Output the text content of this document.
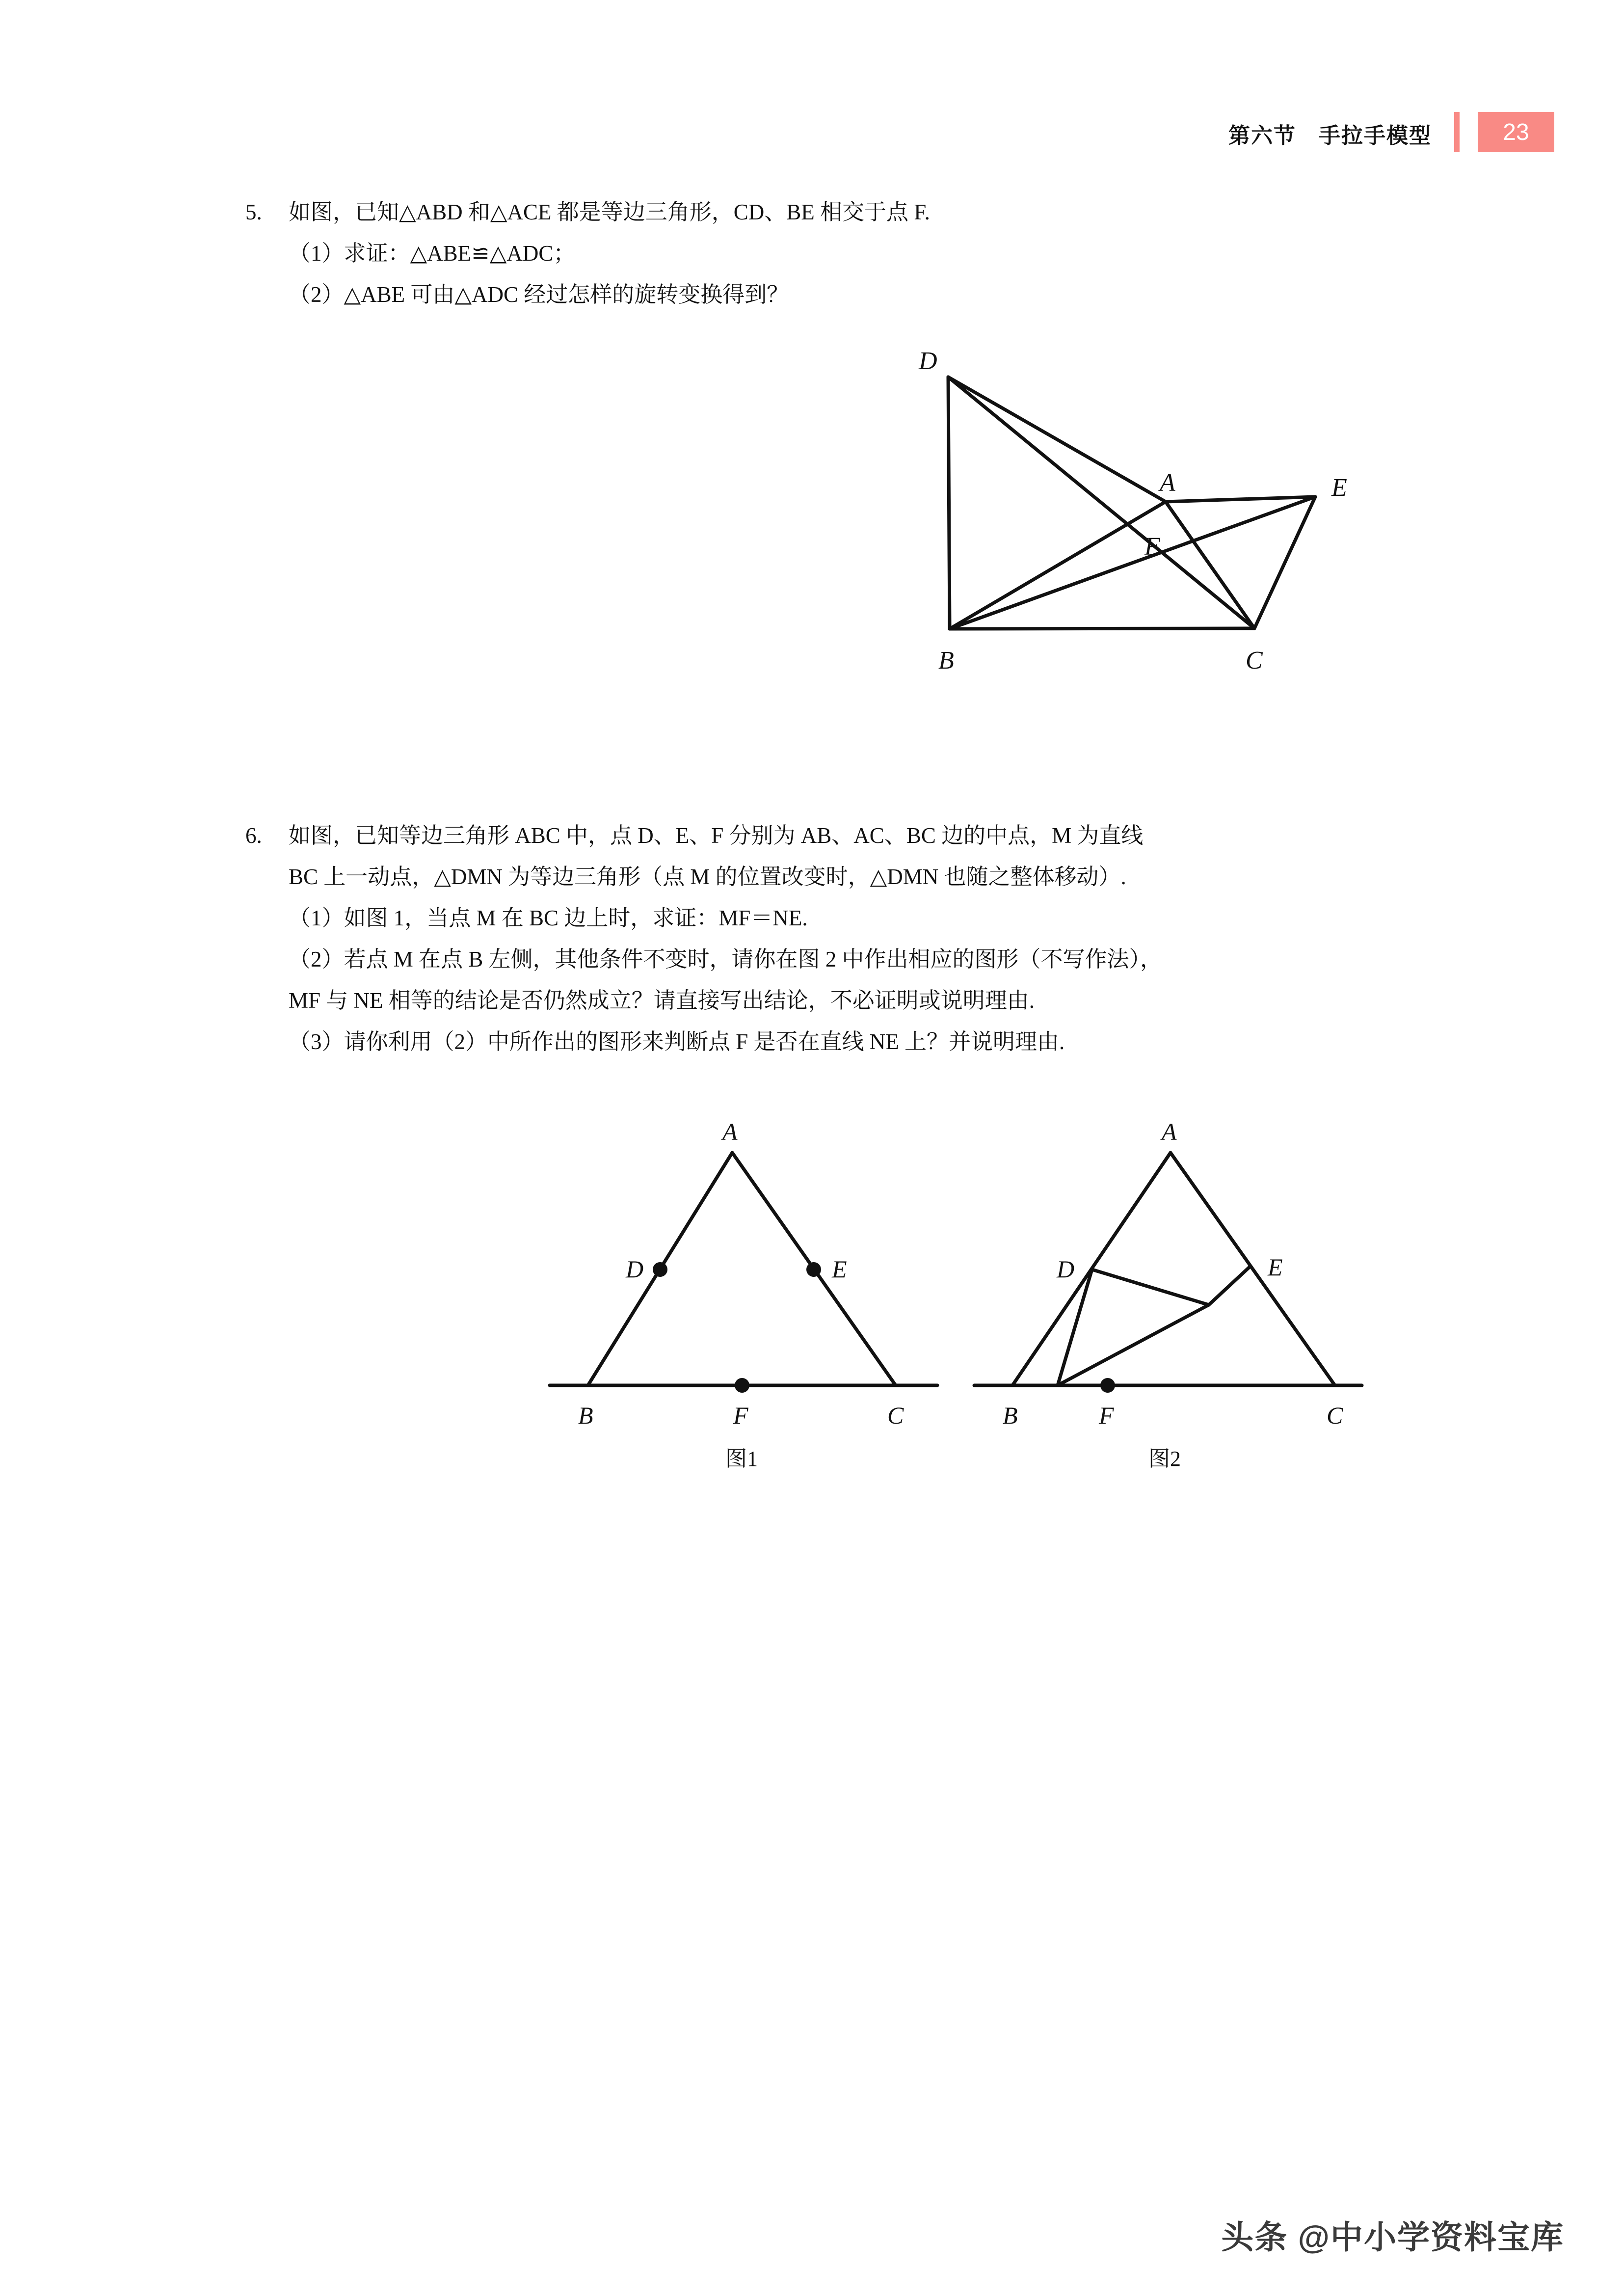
第六节　手拉手模型	23
5. 如图，已知△ABD 和△ACE 都是等边三角形，CD、BE 相交于点 F.
（1）求证：△ABE≌△ADC；
（2）△ABE 可由△ADC 经过怎样的旋转变换得到？
D
A	E
F
B	C
6. 如图，已知等边三角形 ABC 中，点 D、E、F 分别为 AB、AC、BC 边的中点，M 为直线
BC 上一动点，△DMN 为等边三角形（点 M 的位置改变时，△DMN 也随之整体移动）.
（1）如图 1，当点 M 在 BC 边上时，求证：MF＝NE.
（2）若点 M 在点 B 左侧，其他条件不变时，请你在图 2 中作出相应的图形（不写作法），
MF 与 NE 相等的结论是否仍然成立？请直接写出结论，不必证明或说明理由.
（3）请你利用（2）中所作出的图形来判断点 F 是否在直线 NE 上？并说明理由.
A
D	E
B	F	C
图1
A
D	E
B	F	C
图2
头条 @中小学资料宝库
